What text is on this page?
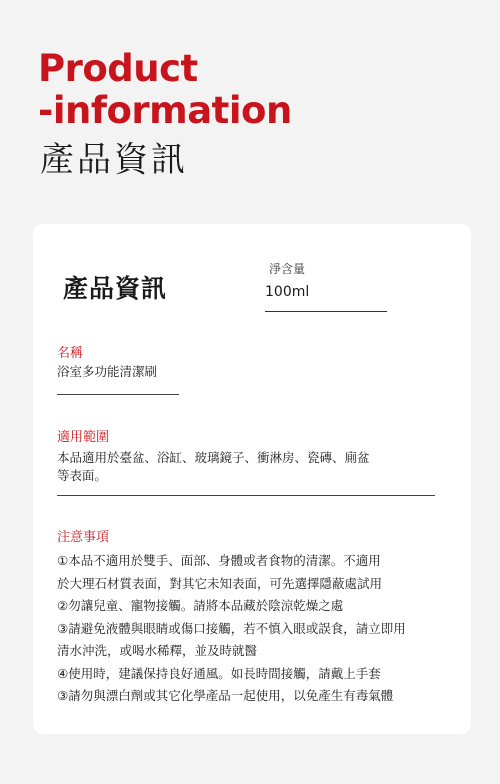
Product
-information
產品資訊
產品資訊
淨含量
100ml
名稱
浴室多功能清潔刷
適用範圍
本品適用於臺盆、浴缸、玻璃鏡子、衝淋房、瓷磚、廁盆
等表面。
注意事項
①本品不適用於雙手、面部、身體或者食物的清潔。不適用
於大理石材質表面，對其它未知表面，可先選擇隱蔽處試用
②勿讓兒童、寵物接觸。請將本品藏於陰涼乾燥之處
③請避免液體與眼睛或傷口接觸，若不慎入眼或誤食，請立即用
清水沖洗，或喝水稀釋，並及時就醫
④使用時，建議保持良好通風。如長時間接觸，請戴上手套
③請勿與漂白劑或其它化學產品一起使用，以免產生有毒氣體
